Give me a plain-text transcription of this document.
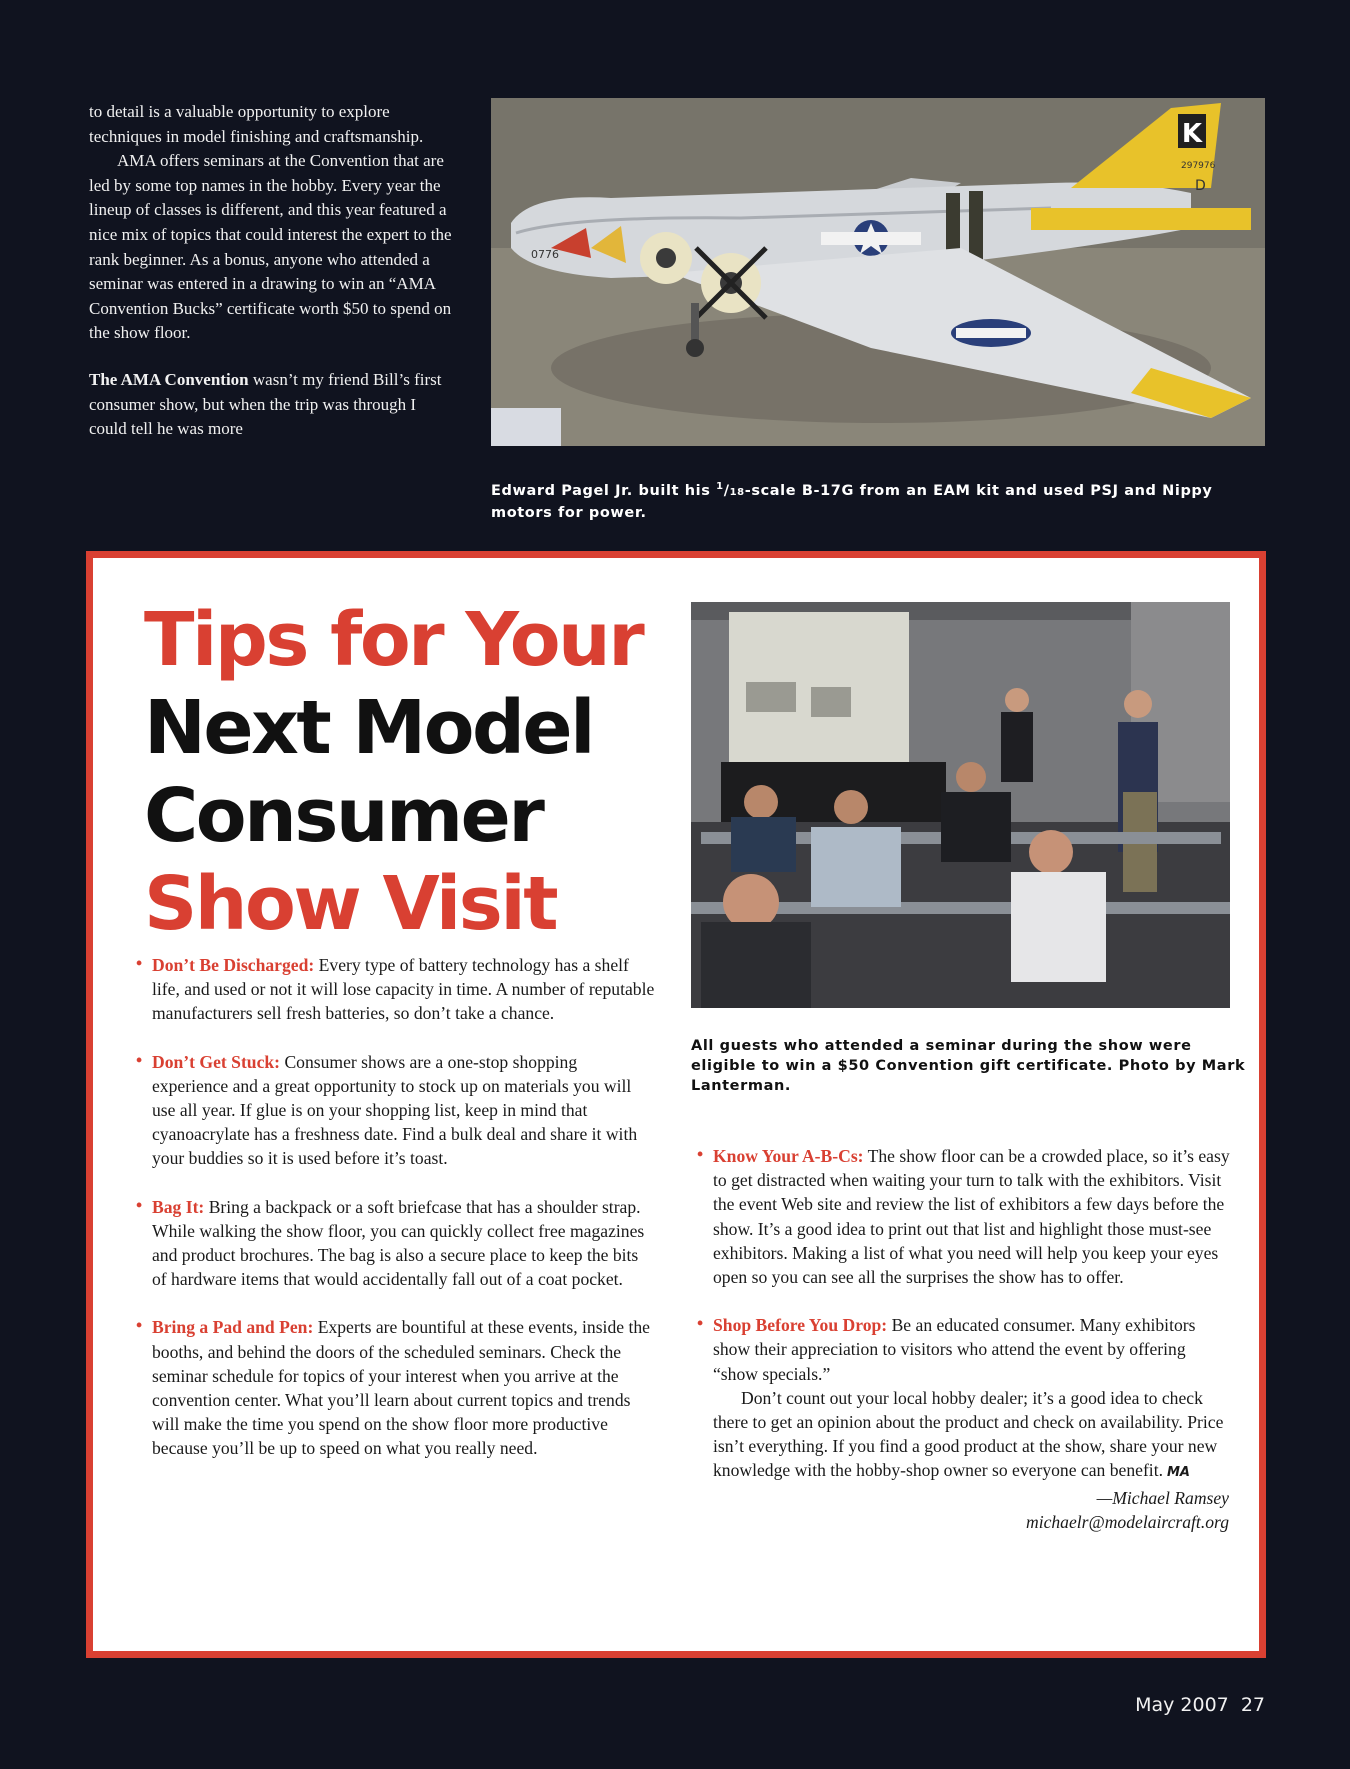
to detail is a valuable opportunity to explore techniques in model finishing and craftsmanship.

AMA offers seminars at the Convention that are led by some top names in the hobby. Every year the lineup of classes is different, and this year featured a nice mix of topics that could interest the expert to the rank beginner. As a bonus, anyone who attended a seminar was entered in a drawing to win an “AMA Convention Bucks” certificate worth $50 to spend on the show floor.

The AMA Convention wasn’t my friend Bill’s first consumer show, but when the trip was through I could tell he was more

K
297976
D
0776
Edward Pagel Jr. built his $^1$/18-scale B-17G from an EAM kit and used PSJ and Nippy motors for power.
Tips for Your
Next Model
Consumer
Show Visit
All guests who attended a seminar during the show were eligible to win a $50 Convention gift certificate. Photo by Mark Lanterman.

• Don’t Be Discharged: Every type of battery technology has a shelf life, and used or not it will lose capacity in time. A number of reputable manufacturers sell fresh batteries, so don’t take a chance.

• Don’t Get Stuck: Consumer shows are a one-stop shopping experience and a great opportunity to stock up on materials you will use all year. If glue is on your shopping list, keep in mind that cyanoacrylate has a freshness date. Find a bulk deal and share it with your buddies so it is used before it’s toast.

• Bag It: Bring a backpack or a soft briefcase that has a shoulder strap. While walking the show floor, you can quickly collect free magazines and product brochures. The bag is also a secure place to keep the bits of hardware items that would accidentally fall out of a coat pocket.

• Bring a Pad and Pen: Experts are bountiful at these events, inside the booths, and behind the doors of the scheduled seminars. Check the seminar schedule for topics of your interest when you arrive at the convention center. What you’ll learn about current topics and trends will make the time you spend on the show floor more productive because you’ll be up to speed on what you really need.

• Know Your A-B-Cs: The show floor can be a crowded place, so it’s easy to get distracted when waiting your turn to talk with the exhibitors. Visit the event Web site and review the list of exhibitors a few days before the show. It’s a good idea to print out that list and highlight those must-see exhibitors. Making a list of what you need will help you keep your eyes open so you can see all the surprises the show has to offer.

• Shop Before You Drop: Be an educated consumer. Many exhibitors show their appreciation to visitors who attend the event by offering “show specials.”

Don’t count out your local hobby dealer; it’s a good idea to check there to get an opinion about the product and check on availability. Price isn’t everything. If you find a good product at the show, share your new knowledge with the hobby-shop owner so everyone can benefit. MA

—Michael Ramsey

michaelr@modelaircraft.org

May 2007 27
